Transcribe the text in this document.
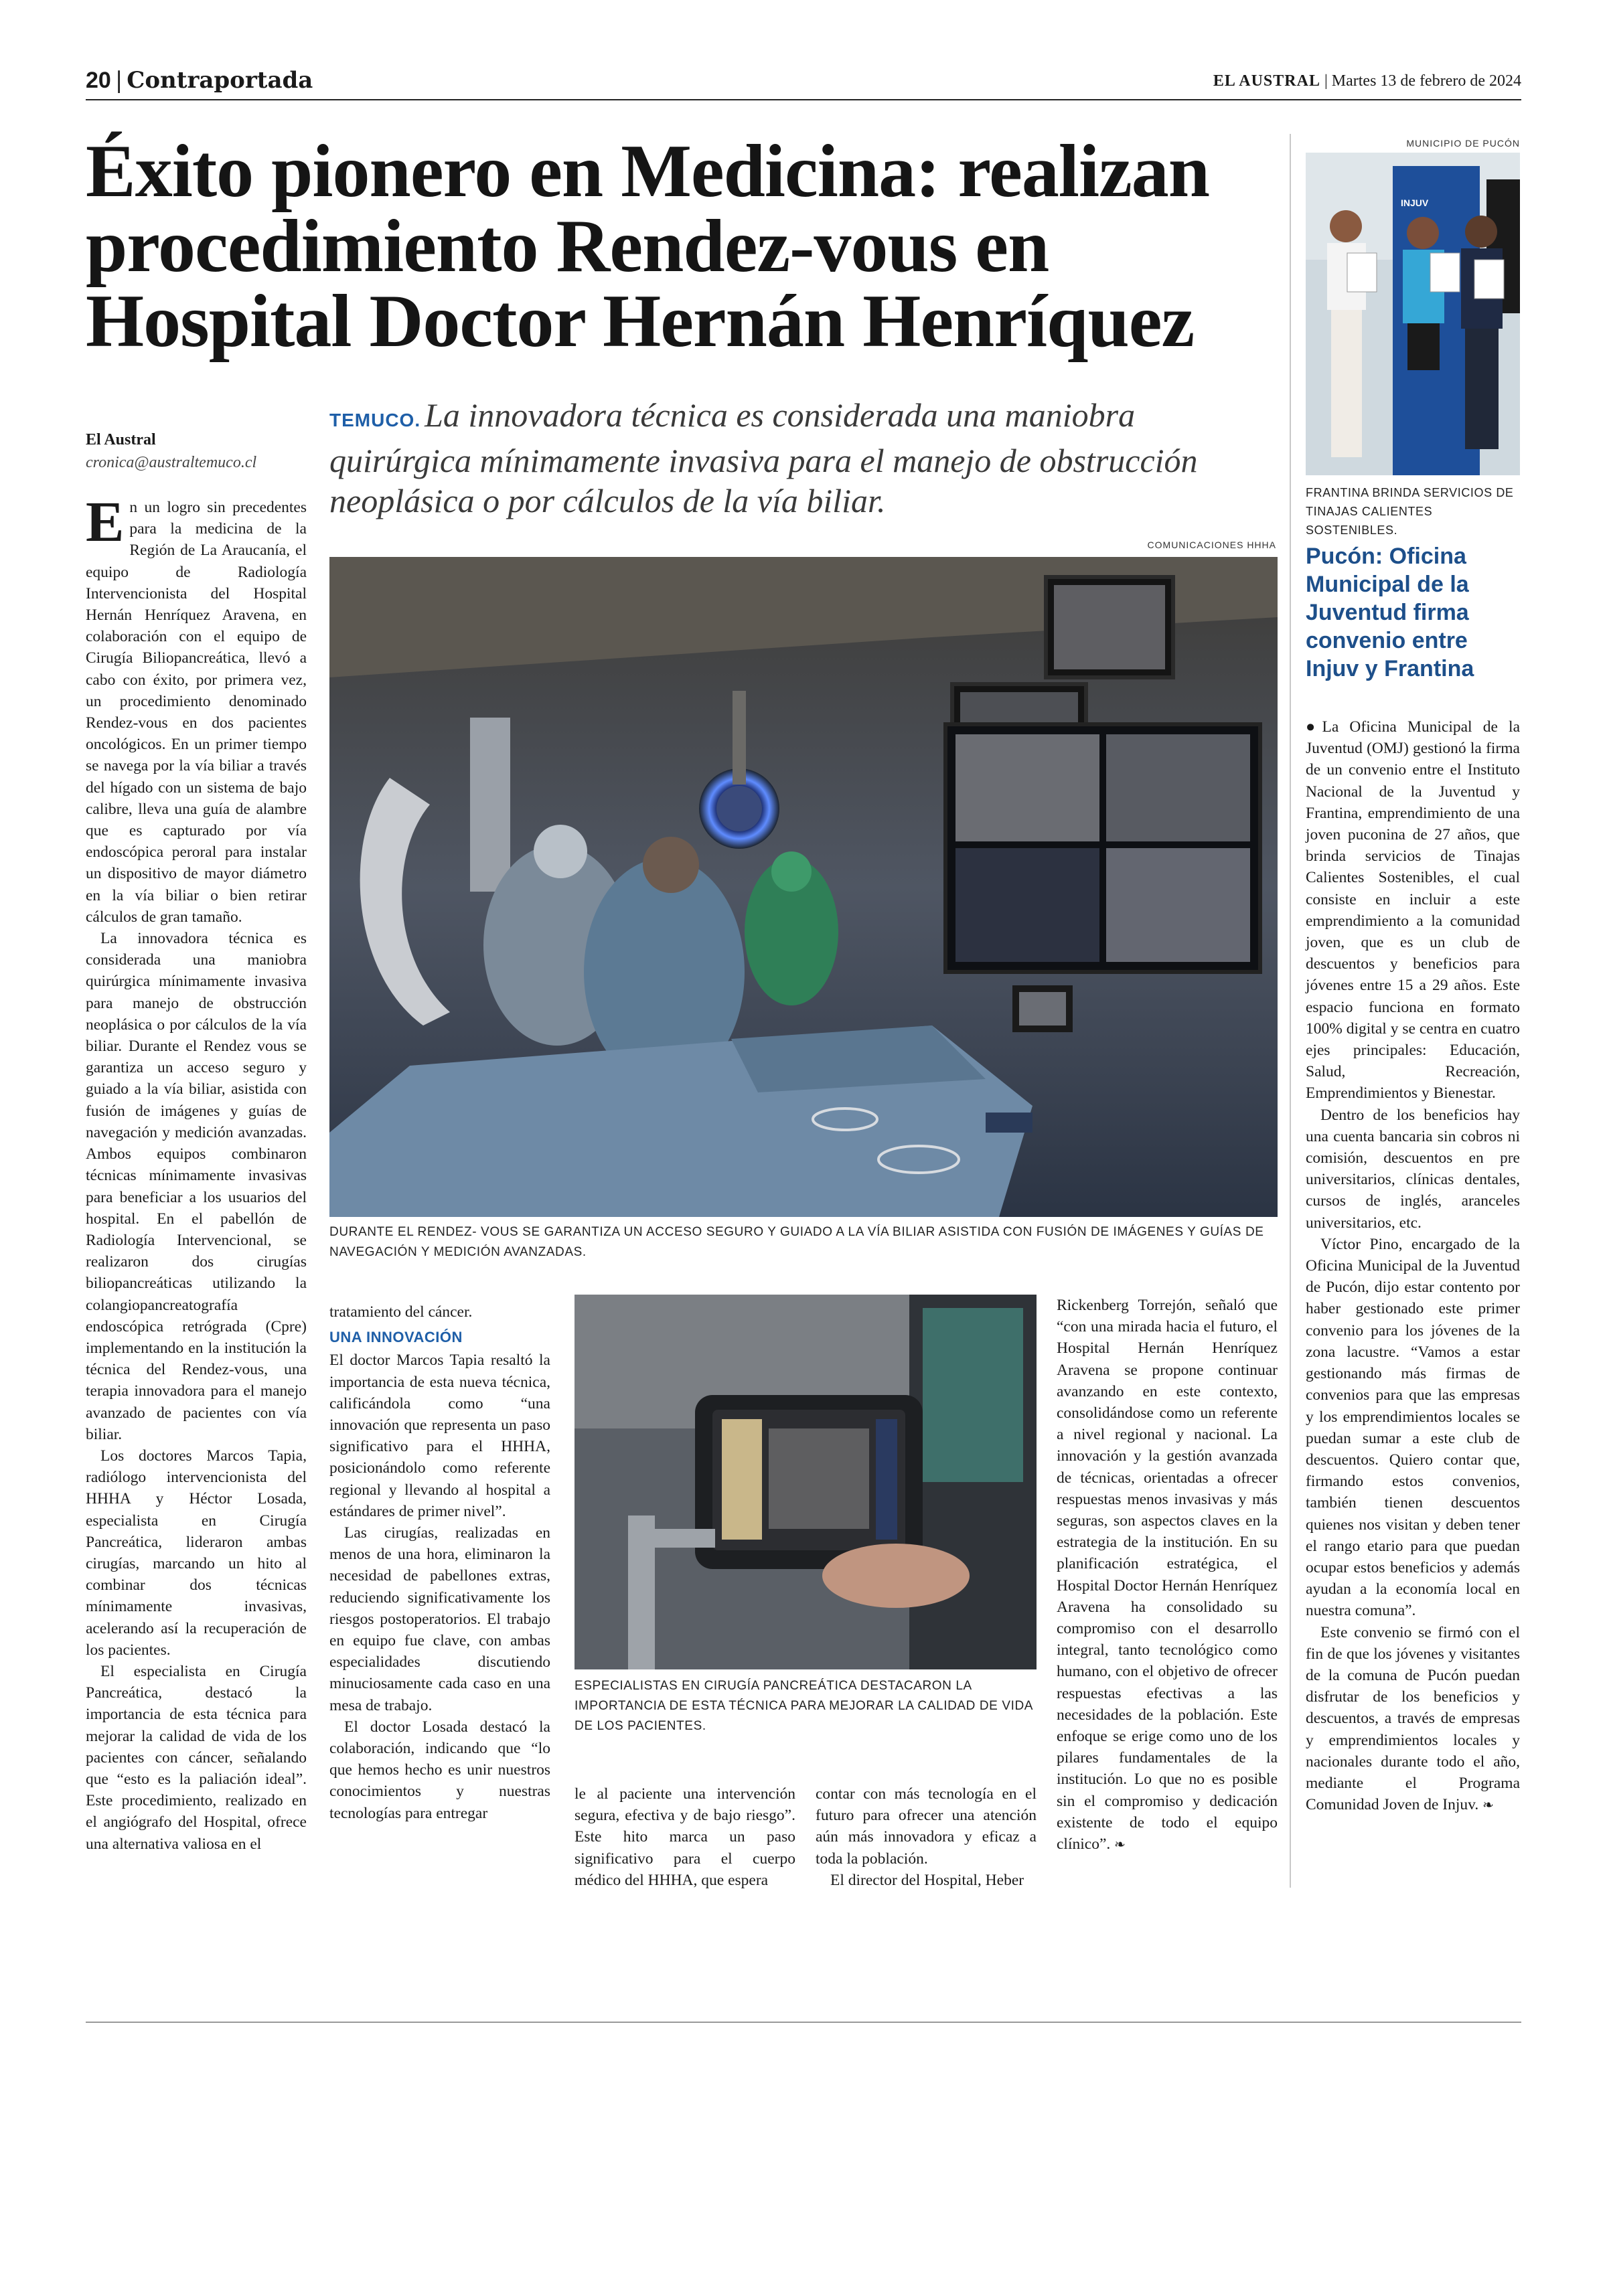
20 | Contraportada	EL AUSTRAL | Martes 13 de febrero de 2024
Éxito pionero en Medicina: realizan procedimiento Rendez-vous en Hospital Doctor Hernán Henríquez
El Austral
cronica@australtemuco.cl
TEMUCO. La innovadora técnica es considerada una maniobra quirúrgica mínimamente invasiva para el manejo de obstrucción neoplásica o por cálculos de la vía biliar.
COMUNICACIONES HHHA
DURANTE EL RENDEZ- VOUS SE GARANTIZA UN ACCESO SEGURO Y GUIADO A LA VÍA BILIAR ASISTIDA CON FUSIÓN DE IMÁGENES Y GUÍAS DE NAVEGACIÓN Y MEDICIÓN AVANZADAS.

En un logro sin precedentes para la medicina de la Región de La Araucanía, el equipo de Radiología Intervencionista del Hospital Hernán Henríquez Aravena, en colaboración con el equipo de Cirugía Biliopancreática, llevó a cabo con éxito, por primera vez, un procedimiento denominado Rendez-vous en dos pacientes oncológicos. En un primer tiempo se navega por la vía biliar a través del hígado con un sistema de bajo calibre, lleva una guía de alambre que es capturado por vía endoscópica peroral para instalar un dispositivo de mayor diámetro en la vía biliar o bien retirar cálculos de gran tamaño.

La innovadora técnica es considerada una maniobra quirúrgica mínimamente invasiva para manejo de obstrucción neoplásica o por cálculos de la vía biliar. Durante el Rendez vous se garantiza un acceso seguro y guiado a la vía biliar, asistida con fusión de imágenes y guías de navegación y medición avanzadas. Ambos equipos combinaron técnicas mínimamente invasivas para beneficiar a los usuarios del hospital. En el pabellón de Radiología Intervencional, se realizaron dos cirugías biliopancreáticas utilizando la colangiopancreatografía endoscópica retrógrada (Cpre) implementando en la institución la técnica del Rendez-vous, una terapia innovadora para el manejo avanzado de pacientes con vía biliar.

Los doctores Marcos Tapia, radiólogo intervencionista del HHHA y Héctor Losada, especialista en Cirugía Pancreática, lideraron ambas cirugías, marcando un hito al combinar dos técnicas mínimamente invasivas, acelerando así la recuperación de los pacientes.

El especialista en Cirugía Pancreática, destacó la importancia de esta técnica para mejorar la calidad de vida de los pacientes con cáncer, señalando que “esto es la paliación ideal”. Este procedimiento, realizado en el angiógrafo del Hospital, ofrece una alternativa valiosa en el

tratamiento del cáncer.

UNA INNOVACIÓN

El doctor Marcos Tapia resaltó la importancia de esta nueva técnica, calificándola como “una innovación que representa un paso significativo para el HHHA, posicionándolo como referente regional y llevando al hospital a estándares de primer nivel”.

Las cirugías, realizadas en menos de una hora, eliminaron la necesidad de pabellones extras, reduciendo significativamente los riesgos postoperatorios. El trabajo en equipo fue clave, con ambas especialidades discutiendo minuciosamente cada caso en una mesa de trabajo.

El doctor Losada destacó la colaboración, indicando que “lo que hemos hecho es unir nuestros conocimientos y nuestras tecnologías para entregar

ESPECIALISTAS EN CIRUGÍA PANCREÁTICA DESTACARON LA IMPORTANCIA DE ESTA TÉCNICA PARA MEJORAR LA CALIDAD DE VIDA DE LOS PACIENTES.

le al paciente una intervención segura, efectiva y de bajo riesgo”. Este hito marca un paso significativo para el cuerpo médico del HHHA, que espera

contar con más tecnología en el futuro para ofrecer una atención aún más innovadora y eficaz a toda la población.

El director del Hospital, Heber

Rickenberg Torrejón, señaló que “con una mirada hacia el futuro, el Hospital Hernán Henríquez Aravena se propone continuar avanzando en este contexto, consolidándose como un referente a nivel regional y nacional. La innovación y la gestión avanzada de técnicas, orientadas a ofrecer respuestas menos invasivas y más seguras, son aspectos claves en la estrategia de la institución. En su planificación estratégica, el Hospital Doctor Hernán Henríquez Aravena ha consolidado su compromiso con el desarrollo integral, tanto tecnológico como humano, con el objetivo de ofrecer respuestas efectivas a las necesidades de la población. Este enfoque se erige como uno de los pilares fundamentales de la institución. Lo que no es posible sin el compromiso y dedicación existente de todo el equipo clínico”. ❧

MUNICIPIO DE PUCÓN
INJUV
FRANTINA BRINDA SERVICIOS DE TINAJAS CALIENTES SOSTENIBLES.
Pucón: Oficina Municipal de la Juventud firma convenio entre Injuv y Frantina

●La Oficina Municipal de la Juventud (OMJ) gestionó la firma de un convenio entre el Instituto Nacional de la Juventud y Frantina, emprendimiento de una joven puconina de 27 años, que brinda servicios de Tinajas Calientes Sostenibles, el cual consiste en incluir a este emprendimiento a la comunidad joven, que es un club de descuentos y beneficios para jóvenes entre 15 a 29 años. Este espacio funciona en formato 100% digital y se centra en cuatro ejes principales: Educación, Salud, Recreación, Emprendimientos y Bienestar.

Dentro de los beneficios hay una cuenta bancaria sin cobros ni comisión, descuentos en pre universitarios, clínicas dentales, cursos de inglés, aranceles universitarios, etc.

Víctor Pino, encargado de la Oficina Municipal de la Juventud de Pucón, dijo estar contento por haber gestionado este primer convenio para los jóvenes de la zona lacustre. “Vamos a estar gestionando más firmas de convenios para que las empresas y los emprendimientos locales se puedan sumar a este club de descuentos. Quiero contar que, firmando estos convenios, también tienen descuentos quienes nos visitan y deben tener el rango etario para que puedan ocupar estos beneficios y además ayudan a la economía local en nuestra comuna”.

Este convenio se firmó con el fin de que los jóvenes y visitantes de la comuna de Pucón puedan disfrutar de los beneficios y descuentos, a través de empresas y emprendimientos locales y nacionales durante todo el año, mediante el Programa Comunidad Joven de Injuv. ❧
